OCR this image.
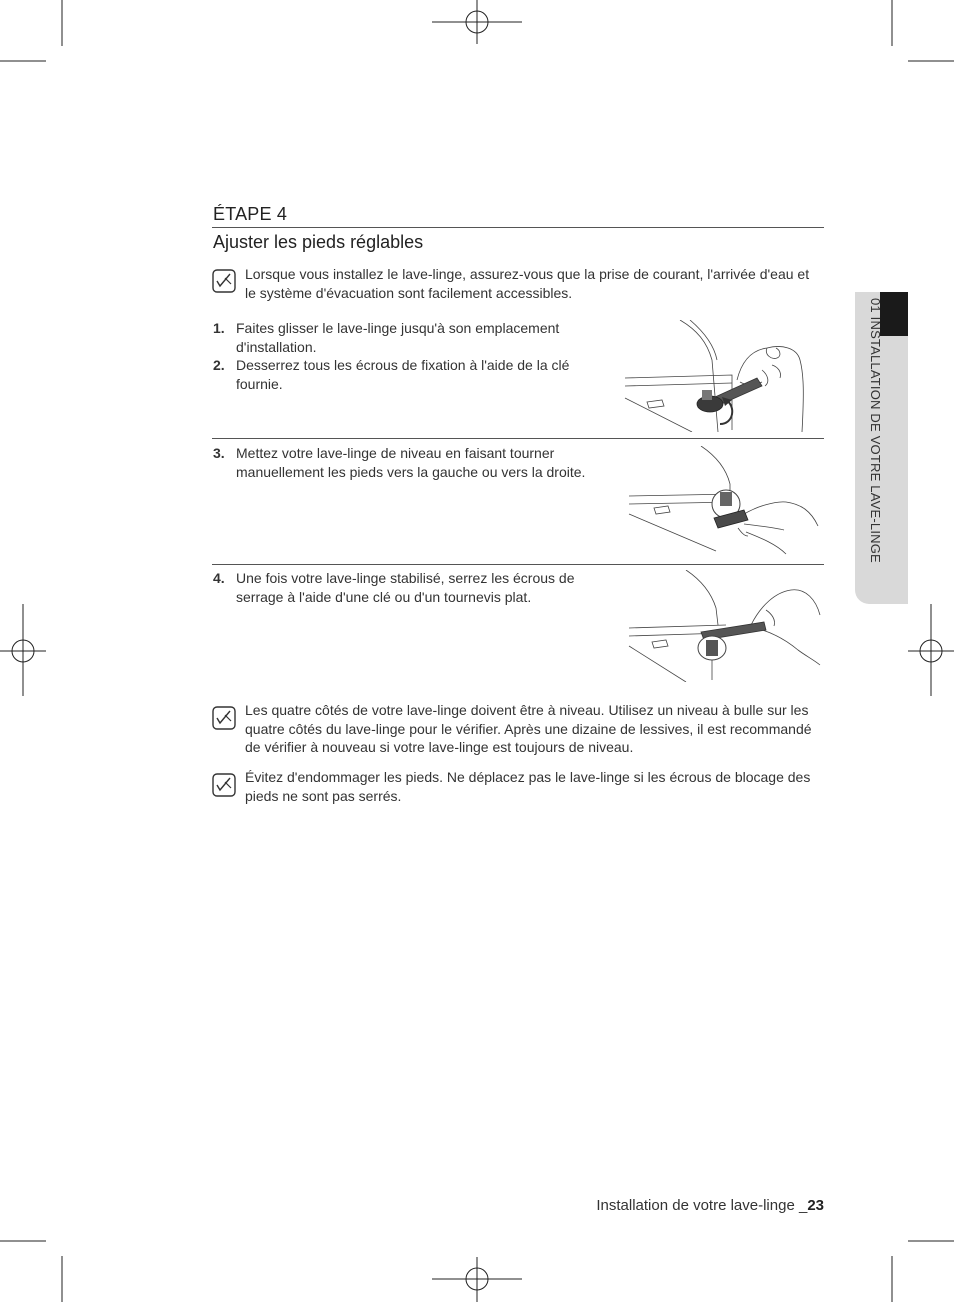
ÉTAPE 4
Ajuster les pieds réglables
Lorsque vous installez le lave-linge, assurez-vous que la prise de courant, l'arrivée d'eau et le système d'évacuation sont facilement accessibles.
1. Faites glisser le lave-linge jusqu'à son emplacement d'installation.
2. Desserrez tous les écrous de fixation à l'aide de la clé fournie.
3. Mettez votre lave-linge de niveau en faisant tourner manuellement les pieds vers la gauche ou vers la droite.
4. Une fois votre lave-linge stabilisé, serrez les écrous de serrage à l'aide d'une clé ou d'un tournevis plat.
Les quatre côtés de votre lave-linge doivent être à niveau. Utilisez un niveau à bulle sur les quatre côtés du lave-linge pour le vérifier. Après une dizaine de lessives, il est recommandé de vérifier à nouveau si votre lave-linge est toujours de niveau.
Évitez d'endommager les pieds. Ne déplacez pas le lave-linge si les écrous de blocage des pieds ne sont pas serrés.
01 INSTALLATION DE VOTRE LAVE-LINGE
Installation de votre lave-linge _23
